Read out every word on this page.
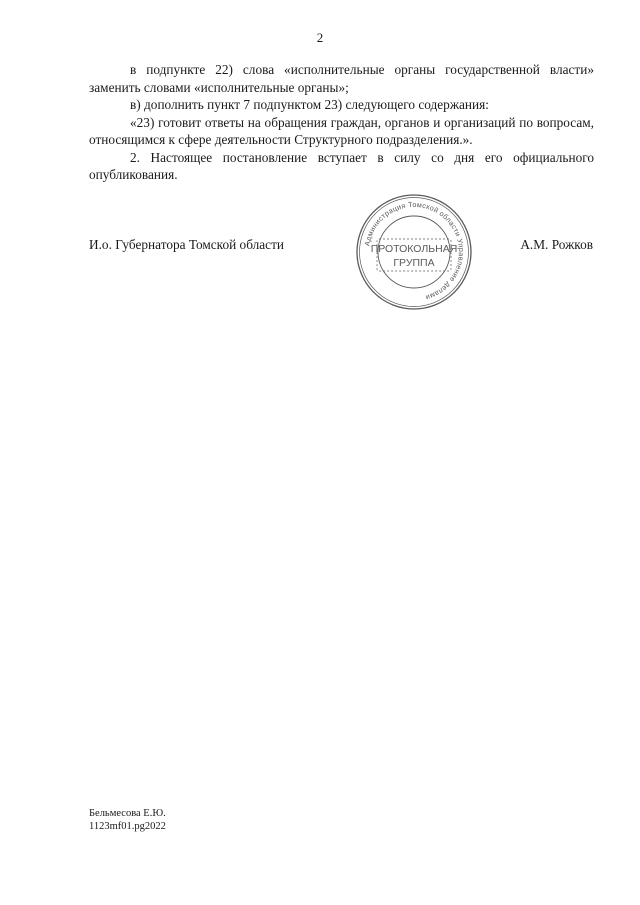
2

в подпункте 22) слова «исполнительные органы государственной власти» заменить словами «исполнительные органы»;

в) дополнить пункт 7 подпунктом 23) следующего содержания:

«23) готовит ответы на обращения граждан, органов и организаций по вопросам, относящимся к сфере деятельности Структурного подразделения.».

2. Настоящее постановление вступает в силу со дня его официального опубликования.

И.о. Губернатора Томской области	Администрация Томской области Управление делами
ПРОТОКОЛЬНАЯ
ГРУППА
А.М. Рожков
Бельмесова Е.Ю.
1123mf01.pg2022
